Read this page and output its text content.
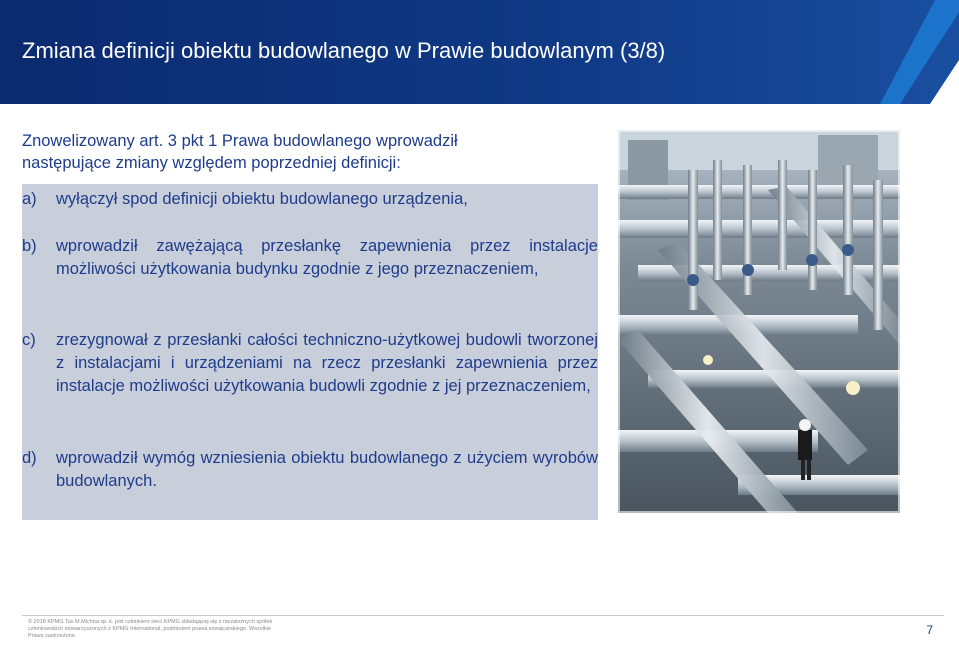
Zmiana definicji obiektu budowlanego w Prawie budowlanym (3/8)
Znowelizowany art. 3 pkt 1 Prawa budowlanego wprowadził
następujące zmiany względem poprzedniej definicji:
a) wyłączył spod definicji obiektu budowlanego urządzenia,
b) wprowadził zawężającą przesłankę zapewnienia przez instalacje możliwości użytkowania budynku zgodnie z jego przeznaczeniem,
c) zrezygnował z przesłanki całości techniczno-użytkowej budowli tworzonej z instalacjami i urządzeniami na rzecz przesłanki zapewnienia przez instalacje możliwości użytkowania budowli zgodnie z jej przeznaczeniem,
d) wprowadził wymóg wzniesienia obiektu budowlanego z użyciem wyrobów budowlanych.
© 2018 KPMG Tax M.Michna sp. k. jest członkiem sieci KPMG składającej się z niezależnych spółek
członkowskich stowarzyszonych z KPMG International, podmiotem prawa szwajcarskiego. Wszelkie
Prawa zastrzeżone.	7
